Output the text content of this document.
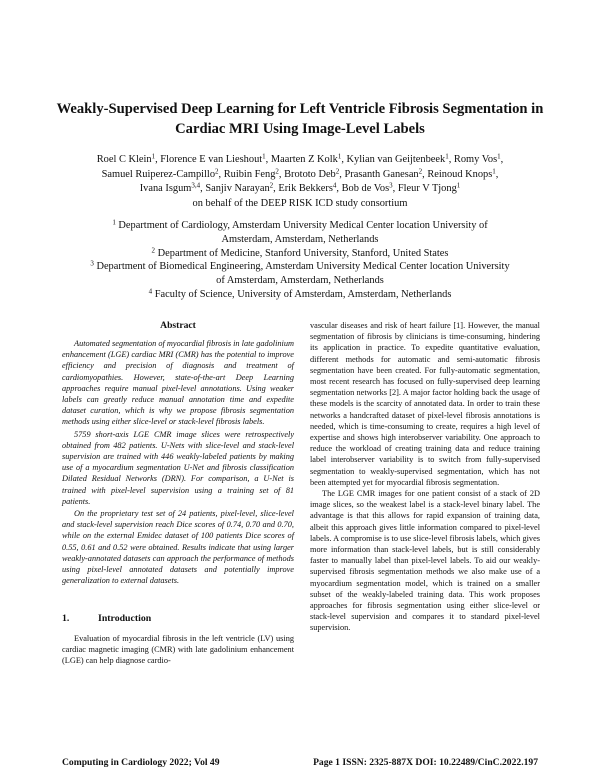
Weakly-Supervised Deep Learning for Left Ventricle Fibrosis Segmentation in
Cardiac MRI Using Image-Level Labels
Roel C Klein$^1$, Florence E van Lieshout$^1$, Maarten Z Kolk$^1$, Kylian van Geijtenbeek$^1$, Romy Vos$^1$,
Samuel Ruiperez-Campillo$^2$, Ruibin Feng$^2$, Brototo Deb$^2$, Prasanth Ganesan$^2$, Reinoud Knops$^1$,
Ivana Isgum$^{3,4}$, Sanjiv Narayan$^2$, Erik Bekkers$^4$, Bob de Vos$^3$, Fleur V Tjong$^1$
on behalf of the DEEP RISK ICD study consortium
$^1$ Department of Cardiology, Amsterdam University Medical Center location University of
Amsterdam, Amsterdam, Netherlands
$^2$ Department of Medicine, Stanford University, Stanford, United States
$^3$ Department of Biomedical Engineering, Amsterdam University Medical Center location University
of Amsterdam, Amsterdam, Netherlands
$^4$ Faculty of Science, University of Amsterdam, Amsterdam, Netherlands
Abstract

Automated segmentation of myocardial fibrosis in late gadolinium enhancement (LGE) cardiac MRI (CMR) has the potential to improve efficiency and precision of diagnosis and treatment of cardiomyopathies. However, state-of-the-art Deep Learning approaches require manual pixel-level annotations. Using weaker labels can greatly reduce manual annotation time and expedite dataset curation, which is why we propose fibrosis segmentation methods using either slice-level or stack-level fibrosis labels.

5759 short-axis LGE CMR image slices were retrospectively obtained from 482 patients. U-Nets with slice-level and stack-level supervision are trained with 446 weakly-labeled patients by making use of a myocardium segmentation U-Net and fibrosis classification Dilated Residual Networks (DRN). For comparison, a U-Net is trained with pixel-level supervision using a training set of 81 patients.

On the proprietary test set of 24 patients, pixel-level, slice-level and stack-level supervision reach Dice scores of 0.74, 0.70 and 0.70, while on the external Emidec dataset of 100 patients Dice scores of 0.55, 0.61 and 0.52 were obtained. Results indicate that using larger weakly-annotated datasets can approach the performance of methods using pixel-level annotated datasets and potentially improve generalization to external datasets.

1.	Introduction

Evaluation of myocardial fibrosis in the left ventricle (LV) using cardiac magnetic imaging (CMR) with late gadolinium enhancement (LGE) can help diagnose cardio-

vascular diseases and risk of heart failure [1]. However, the manual segmentation of fibrosis by clinicians is time-consuming, hindering its application in practice. To expedite quantitative evaluation, different methods for automatic and semi-automatic fibrosis segmentation have been created. For fully-automatic segmentation, most recent research has focused on fully-supervised deep learning segmentation networks [2]. A major factor holding back the usage of these models is the scarcity of annotated data. In order to train these networks a handcrafted dataset of pixel-level fibrosis annotations is needed, which is time-consuming to create, requires a high level of expertise and shows high interobserver variability. One approach to reduce the workload of creating training data and reduce training label interobserver variability is to switch from fully-supervised segmentation to weakly-supervised segmentation, which has not been attempted yet for myocardial fibrosis segmentation.

The LGE CMR images for one patient consist of a stack of 2D image slices, so the weakest label is a stack-level binary label. The advantage is that this allows for rapid expansion of training data, albeit this approach gives little information compared to pixel-level labels. A compromise is to use slice-level fibrosis labels, which gives more information than stack-level labels, but is still considerably faster to manually label than pixel-level labels. To aid our weakly-supervised fibrosis segmentation methods we also make use of a myocardium segmentation model, which is trained on a smaller subset of the weakly-labeled training data. This work proposes approaches for fibrosis segmentation using either slice-level or stack-level supervision and compares it to standard pixel-level supervision.

Computing in Cardiology 2022; Vol 49	Page 1 ISSN: 2325-887X DOI: 10.22489/CinC.2022.197
